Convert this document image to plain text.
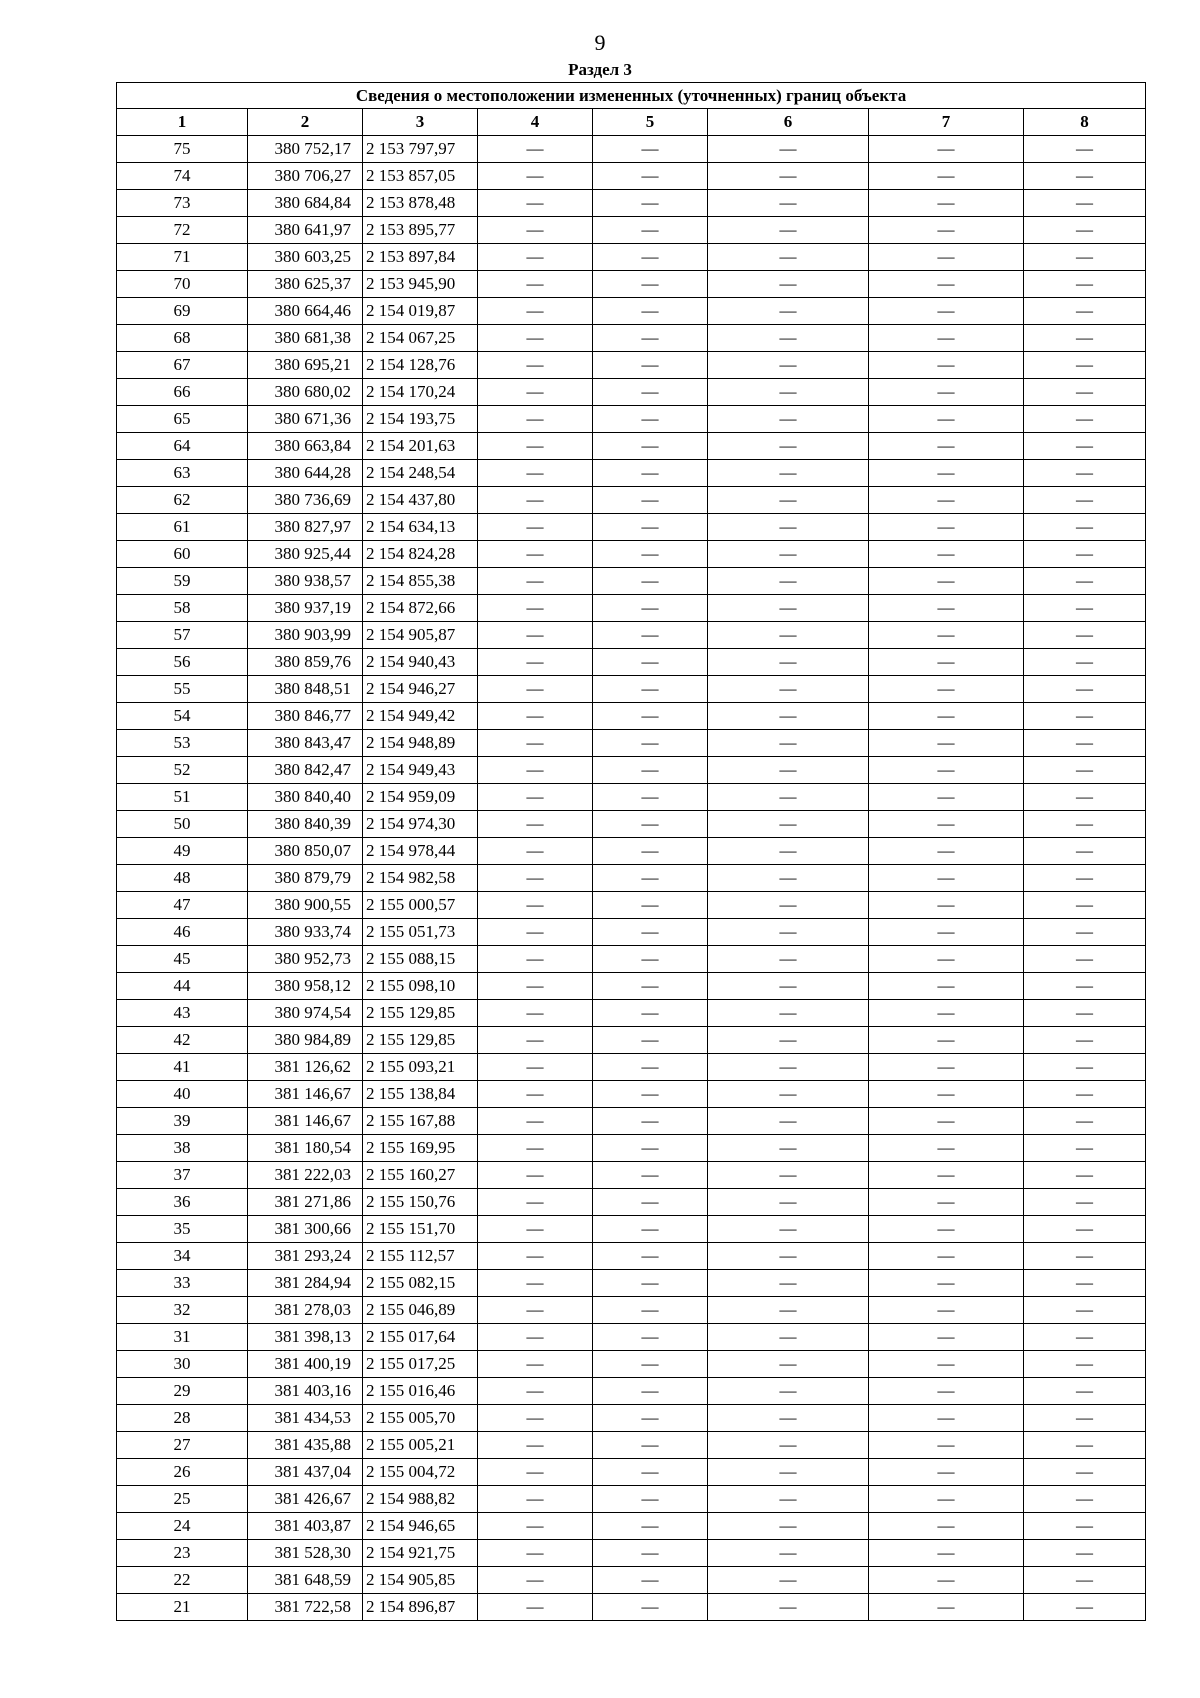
9
Раздел 3
Сведения о местоположении измененных (уточненных) границ объекта							
1	2	3	4	5	6	7	8
75	380 752,17	2 153 797,97	—	—	—	—	—
74	380 706,27	2 153 857,05	—	—	—	—	—
73	380 684,84	2 153 878,48	—	—	—	—	—
72	380 641,97	2 153 895,77	—	—	—	—	—
71	380 603,25	2 153 897,84	—	—	—	—	—
70	380 625,37	2 153 945,90	—	—	—	—	—
69	380 664,46	2 154 019,87	—	—	—	—	—
68	380 681,38	2 154 067,25	—	—	—	—	—
67	380 695,21	2 154 128,76	—	—	—	—	—
66	380 680,02	2 154 170,24	—	—	—	—	—
65	380 671,36	2 154 193,75	—	—	—	—	—
64	380 663,84	2 154 201,63	—	—	—	—	—
63	380 644,28	2 154 248,54	—	—	—	—	—
62	380 736,69	2 154 437,80	—	—	—	—	—
61	380 827,97	2 154 634,13	—	—	—	—	—
60	380 925,44	2 154 824,28	—	—	—	—	—
59	380 938,57	2 154 855,38	—	—	—	—	—
58	380 937,19	2 154 872,66	—	—	—	—	—
57	380 903,99	2 154 905,87	—	—	—	—	—
56	380 859,76	2 154 940,43	—	—	—	—	—
55	380 848,51	2 154 946,27	—	—	—	—	—
54	380 846,77	2 154 949,42	—	—	—	—	—
53	380 843,47	2 154 948,89	—	—	—	—	—
52	380 842,47	2 154 949,43	—	—	—	—	—
51	380 840,40	2 154 959,09	—	—	—	—	—
50	380 840,39	2 154 974,30	—	—	—	—	—
49	380 850,07	2 154 978,44	—	—	—	—	—
48	380 879,79	2 154 982,58	—	—	—	—	—
47	380 900,55	2 155 000,57	—	—	—	—	—
46	380 933,74	2 155 051,73	—	—	—	—	—
45	380 952,73	2 155 088,15	—	—	—	—	—
44	380 958,12	2 155 098,10	—	—	—	—	—
43	380 974,54	2 155 129,85	—	—	—	—	—
42	380 984,89	2 155 129,85	—	—	—	—	—
41	381 126,62	2 155 093,21	—	—	—	—	—
40	381 146,67	2 155 138,84	—	—	—	—	—
39	381 146,67	2 155 167,88	—	—	—	—	—
38	381 180,54	2 155 169,95	—	—	—	—	—
37	381 222,03	2 155 160,27	—	—	—	—	—
36	381 271,86	2 155 150,76	—	—	—	—	—
35	381 300,66	2 155 151,70	—	—	—	—	—
34	381 293,24	2 155 112,57	—	—	—	—	—
33	381 284,94	2 155 082,15	—	—	—	—	—
32	381 278,03	2 155 046,89	—	—	—	—	—
31	381 398,13	2 155 017,64	—	—	—	—	—
30	381 400,19	2 155 017,25	—	—	—	—	—
29	381 403,16	2 155 016,46	—	—	—	—	—
28	381 434,53	2 155 005,70	—	—	—	—	—
27	381 435,88	2 155 005,21	—	—	—	—	—
26	381 437,04	2 155 004,72	—	—	—	—	—
25	381 426,67	2 154 988,82	—	—	—	—	—
24	381 403,87	2 154 946,65	—	—	—	—	—
23	381 528,30	2 154 921,75	—	—	—	—	—
22	381 648,59	2 154 905,85	—	—	—	—	—
21	381 722,58	2 154 896,87	—	—	—	—	—
